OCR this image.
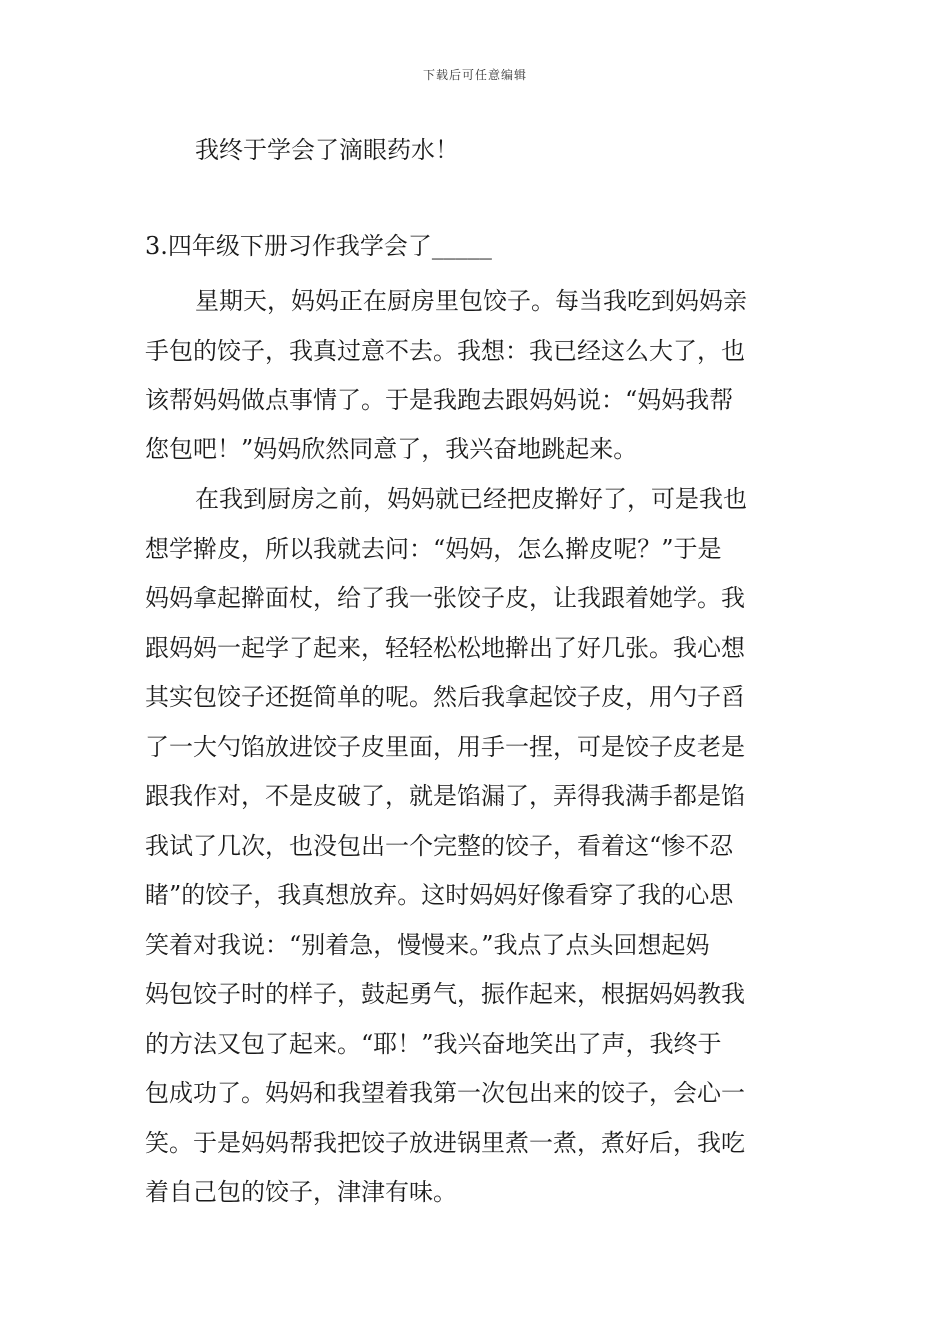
下载后可任意编辑
我终于学会了滴眼药水！
3.四年级下册习作我学会了_____
星期天，妈妈正在厨房里包饺子。每当我吃到妈妈亲
手包的饺子，我真过意不去。我想：我已经这么大了，也
该帮妈妈做点事情了。于是我跑去跟妈妈说：“妈妈我帮
您包吧！”妈妈欣然同意了，我兴奋地跳起来。
在我到厨房之前，妈妈就已经把皮擀好了，可是我也
想学擀皮，所以我就去问：“妈妈，怎么擀皮呢？”于是
妈妈拿起擀面杖，给了我一张饺子皮，让我跟着她学。我
跟妈妈一起学了起来，轻轻松松地擀出了好几张。我心想
其实包饺子还挺简单的呢。然后我拿起饺子皮，用勺子舀
了一大勺馅放进饺子皮里面，用手一捏，可是饺子皮老是
跟我作对，不是皮破了，就是馅漏了，弄得我满手都是馅
我试了几次，也没包出一个完整的饺子，看着这“惨不忍
睹”的饺子，我真想放弃。这时妈妈好像看穿了我的心思
笑着对我说：“别着急，慢慢来。”我点了点头回想起妈
妈包饺子时的样子，鼓起勇气，振作起来，根据妈妈教我
的方法又包了起来。“耶！”我兴奋地笑出了声，我终于
包成功了。妈妈和我望着我第一次包出来的饺子，会心一
笑。于是妈妈帮我把饺子放进锅里煮一煮，煮好后，我吃
着自己包的饺子，津津有味。
